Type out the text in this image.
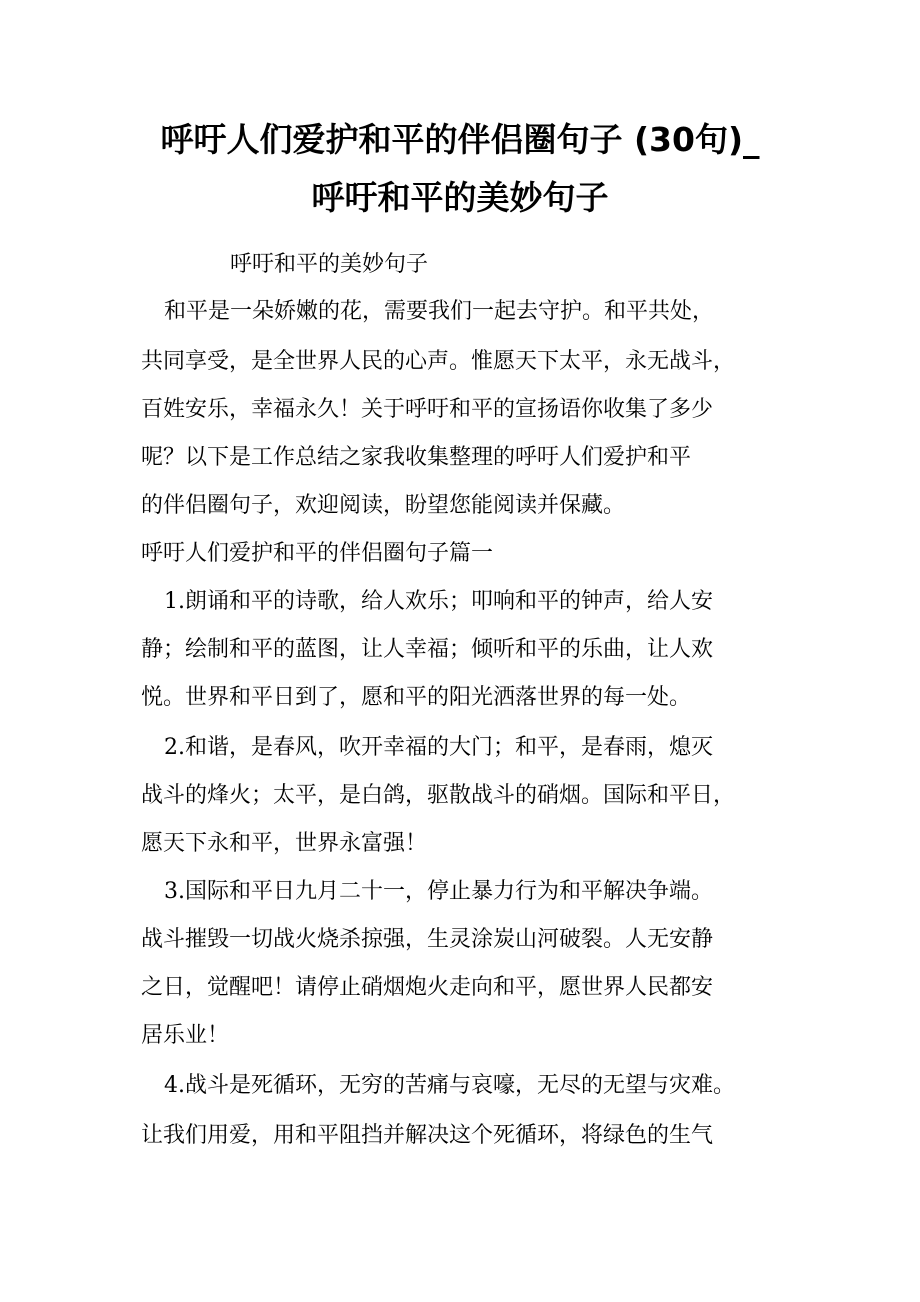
呼吁人们爱护和平的伴侣圈句子 (30句)_
呼吁和平的美妙句子

呼吁和平的美妙句子

和平是一朵娇嫩的花，需要我们一起去守护。和平共处，

共同享受，是全世界人民的心声。惟愿天下太平，永无战斗，

百姓安乐，幸福永久！关于呼吁和平的宣扬语你收集了多少

呢？以下是工作总结之家我收集整理的呼吁人们爱护和平

的伴侣圈句子，欢迎阅读，盼望您能阅读并保藏。

呼吁人们爱护和平的伴侣圈句子篇一

1.朗诵和平的诗歌，给人欢乐；叩响和平的钟声，给人安

静；绘制和平的蓝图，让人幸福；倾听和平的乐曲，让人欢

悦。世界和平日到了，愿和平的阳光洒落世界的每一处。

2.和谐，是春风，吹开幸福的大门；和平，是春雨，熄灭

战斗的烽火；太平，是白鸽，驱散战斗的硝烟。国际和平日，

愿天下永和平，世界永富强！

3.国际和平日九月二十一，停止暴力行为和平解决争端。

战斗摧毁一切战火烧杀掠强，生灵涂炭山河破裂。人无安静

之日，觉醒吧！请停止硝烟炮火走向和平，愿世界人民都安

居乐业！

4.战斗是死循环，无穷的苦痛与哀嚎，无尽的无望与灾难。

让我们用爱，用和平阻挡并解决这个死循环，将绿色的生气
